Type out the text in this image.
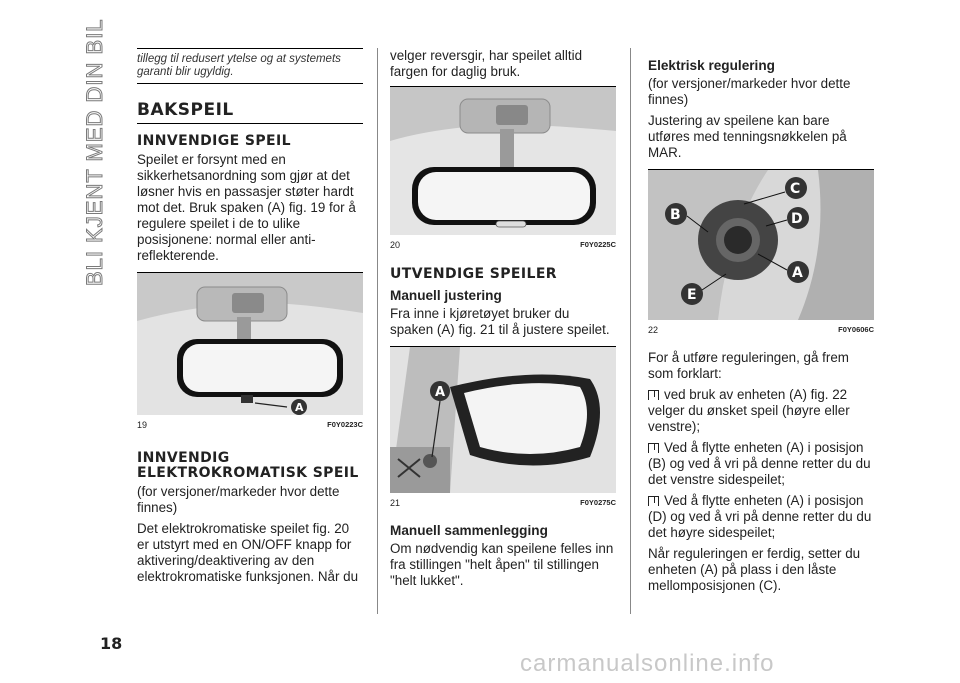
BLI KJENT MED DIN BIL
18
carmanualsonline.info
tillegg til redusert ytelse og at systemets garanti blir ugyldig.
BAKSPEIL
INNVENDIGE SPEIL

Speilet er forsynt med en sikkerhetsanordning som gjør at det løsner hvis en passasjer støter hardt mot det. Bruk spaken (A) fig. 19 for å regulere speilet i de to ulike posisjonene: normal eller anti-reflekterende.

A
19	F0Y0223C
INNVENDIG ELEKTROKROMATISK SPEIL

(for versjoner/markeder hvor dette finnes)

Det elektrokromatiske speilet fig. 20 er utstyrt med en ON/OFF knapp for aktivering/deaktivering av den elektrokromatiske funksjonen. Når du

velger reversgir, har speilet alltid fargen for daglig bruk.

20	F0Y0225C
UTVENDIGE SPEILER
Manuell justering

Fra inne i kjøretøyet bruker du spaken (A) fig. 21 til å justere speilet.

A
21	F0Y0275C
Manuell sammenlegging

Om nødvendig kan speilene felles inn fra stillingen "helt åpen" til stillingen "helt lukket".

Elektrisk regulering

(for versjoner/markeder hvor dette finnes)

Justering av speilene kan bare utføres med tenningsnøkkelen på MAR.

C
B	D
A
E
22	F0Y0606C

For å utføre reguleringen, gå frem som forklart:

ved bruk av enheten (A) fig. 22 velger du ønsket speil (høyre eller venstre);

Ved å flytte enheten (A) i posisjon (B) og ved å vri på denne retter du du det venstre sidespeilet;

Ved å flytte enheten (A) i posisjon (D) og ved å vri på denne retter du du det høyre sidespeilet;

Når reguleringen er ferdig, setter du enheten (A) på plass i den låste mellomposisjonen (C).
